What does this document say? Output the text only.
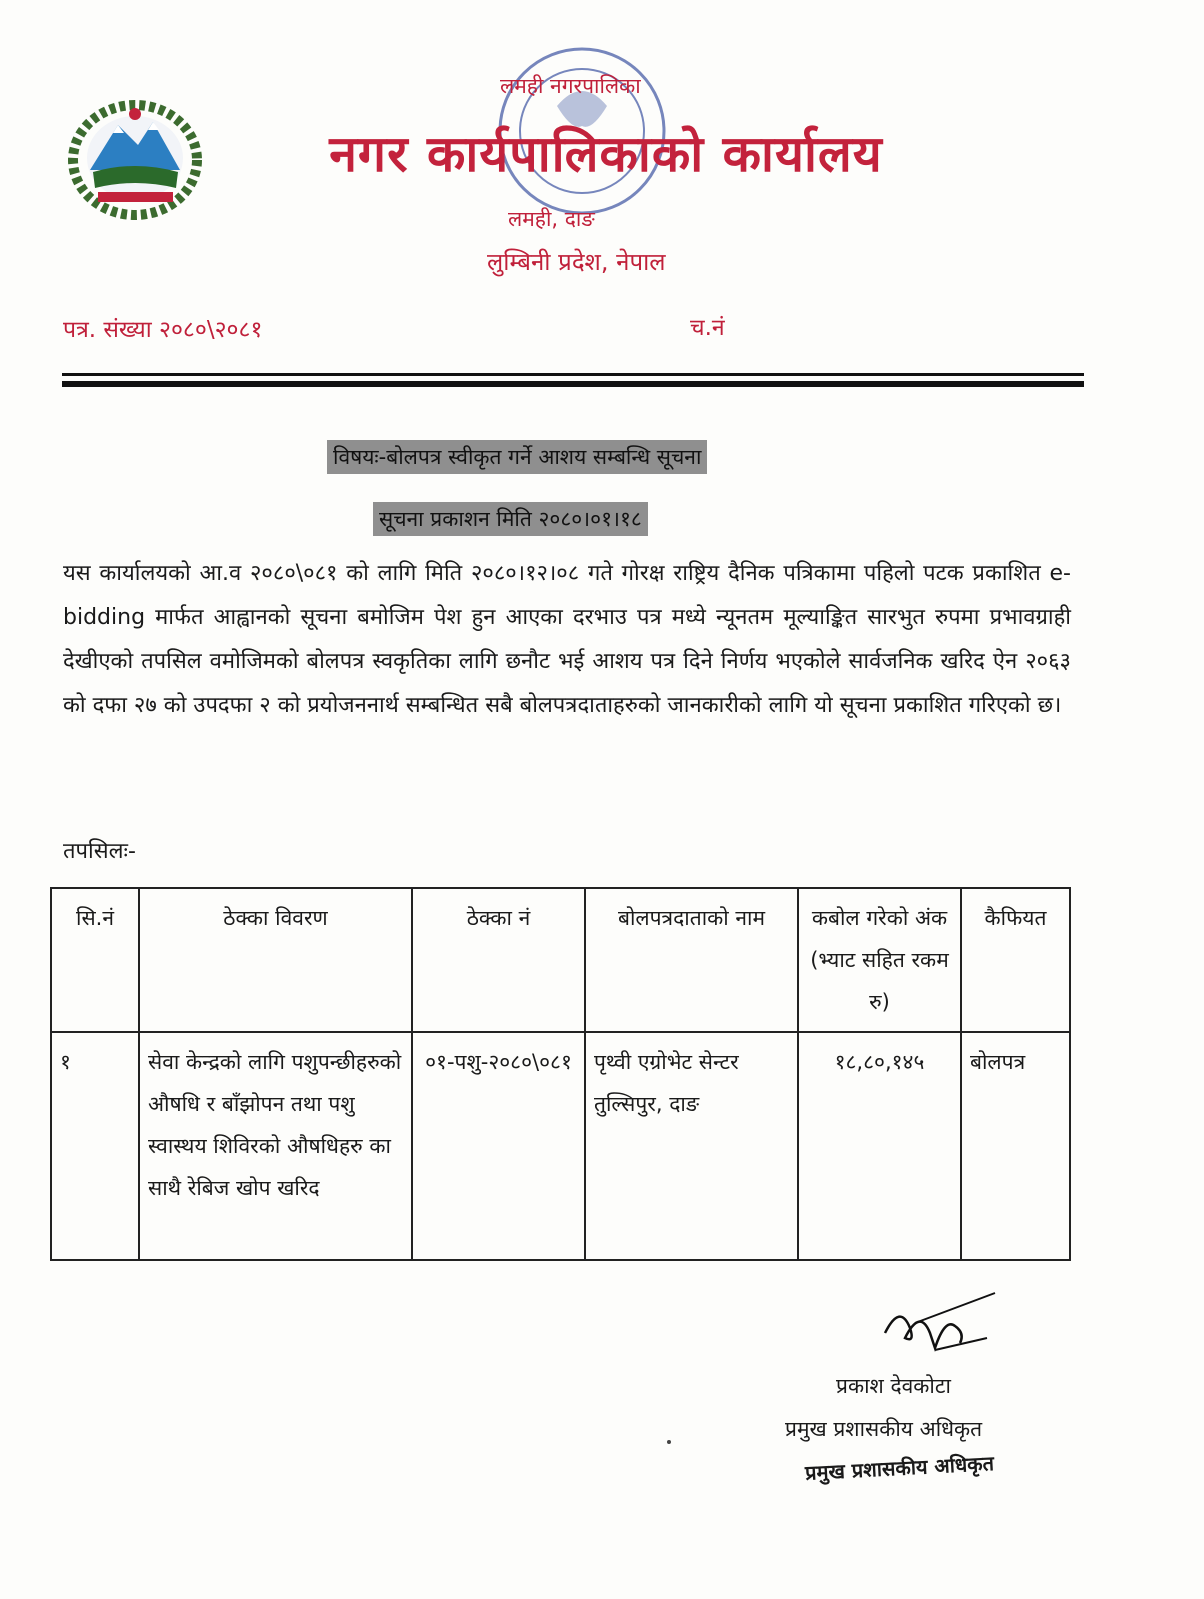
लमही नगरपालिका
नगर कार्यपालिकाको कार्यालय
लमही, दाङ
लुम्बिनी प्रदेश, नेपाल
पत्र. संख्या २०८०\२०८१	च.नं
विषयः-बोलपत्र स्वीकृत गर्ने आशय सम्बन्धि सूचना
सूचना प्रकाशन मिति २०८०।०१।१८
यस कार्यालयको आ.व २०८०\०८१ को लागि मिति २०८०।१२।०८ गते गोरक्ष राष्ट्रिय दैनिक पत्रिकामा पहिलो पटक प्रकाशित e-bidding मार्फत आह्वानको सूचना बमोजिम पेश हुन आएका दरभाउ पत्र मध्ये न्यूनतम मूल्याङ्कित सारभुत रुपमा प्रभावग्राही देखीएको तपसिल वमोजिमको बोलपत्र स्वकृतिका लागि छनौट भई आशय पत्र दिने निर्णय भएकोले सार्वजनिक खरिद ऐन २०६३ को दफा २७ को उपदफा २ को प्रयोजननार्थ सम्बन्धित सबै बोलपत्रदाताहरुको जानकारीको लागि यो सूचना प्रकाशित गरिएको छ।
तपसिलः-
सि.नं	ठेक्का विवरण	ठेक्का नं	बोलपत्रदाताको नाम	कबोल गरेको अंक (भ्याट सहित रकम रु)	कैफियत
१	सेवा केन्द्रको लागि पशुपन्छीहरुको औषधि र बाँझोपन तथा पशु स्वास्थय शिविरको औषधिहरु का साथै रेबिज खोप खरिद	०१-पशु-२०८०\०८१	पृथ्वी एग्रोभेट सेन्टर तुल्सिपुर, दाङ	१८,८०,१४५	बोलपत्र
प्रकाश देवकोटा
प्रमुख प्रशासकीय अधिकृत
प्रमुख प्रशासकीय अधिकृत
